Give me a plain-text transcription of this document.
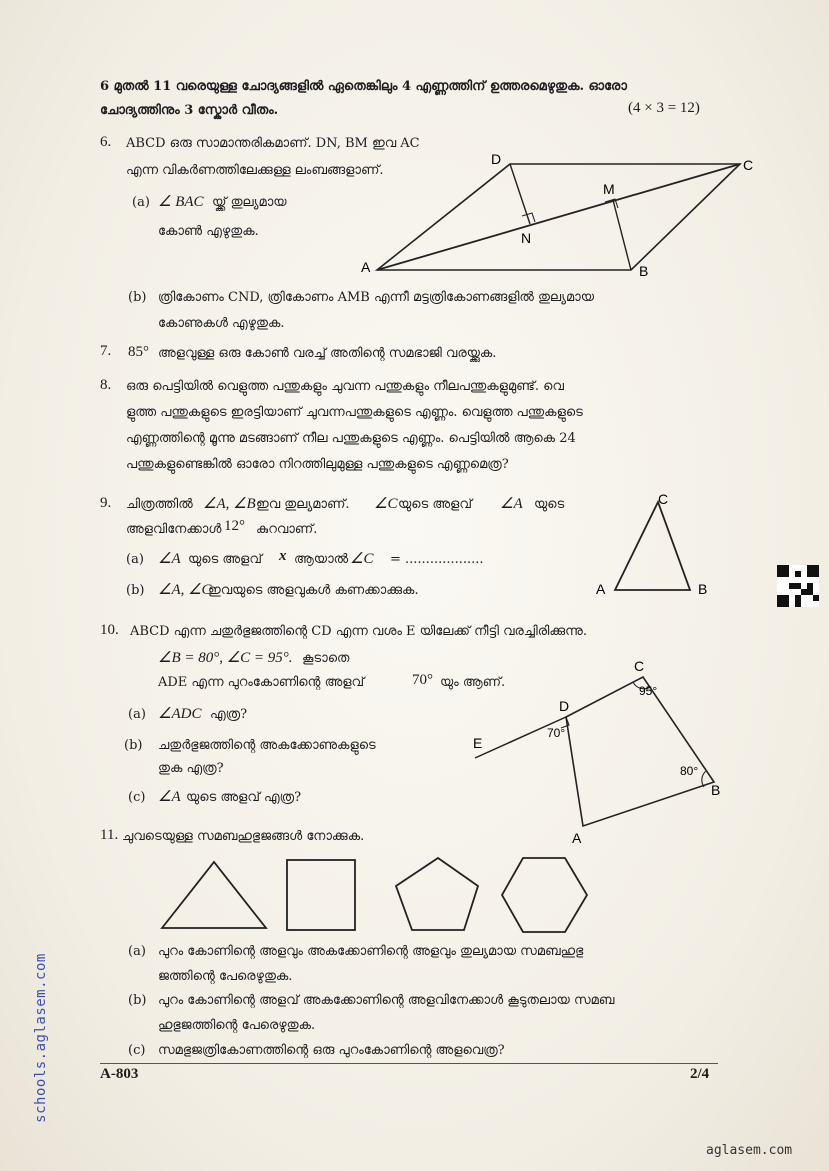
6 മുതൽ 11 വരെയുള്ള ചോദ്യങ്ങളിൽ ഏതെങ്കിലും 4 എണ്ണത്തിന് ഉത്തരമെഴുതുക. ഓരോ
ചോദ്യത്തിനും 3 സ്കോർ വീതം.	(4 × 3 = 12)
6. ABCD ഒരു സാമാന്തരികമാണ്. DN, BM ഇവ AC
എന്ന വികർണത്തിലേക്കുള്ള ലംബങ്ങളാണ്.
(a) ∠ BAC യ്ക്ക് തുല്യമായ
കോൺ എഴുതുക.
D	C
M
N
A	B
(b) ത്രികോണം CND, ത്രികോണം AMB എന്നീ മട്ടത്രികോണങ്ങളിൽ തുല്യമായ
കോണുകൾ എഴുതുക.
7. 85° അളവുള്ള ഒരു കോൺ വരച്ച് അതിന്റെ സമഭാജി വരയ്ക്കുക.
8. ഒരു പെട്ടിയിൽ വെളുത്ത പന്തുകളും ചുവന്ന പന്തുകളും നീലപന്തുകളുമുണ്ട്. വെ
ളുത്ത പന്തുകളുടെ ഇരട്ടിയാണ് ചുവന്നപന്തുകളുടെ എണ്ണം. വെളുത്ത പന്തുകളുടെ
എണ്ണത്തിന്റെ മൂന്നു മടങ്ങാണ് നീല പന്തുകളുടെ എണ്ണം. പെട്ടിയിൽ ആകെ 24
പന്തുകളുണ്ടെങ്കിൽ ഓരോ നിറത്തിലുമുള്ള പന്തുകളുടെ എണ്ണമെത്ര?
9. ചിത്രത്തിൽ ∠A, ∠B ഇവ തുല്യമാണ്. ∠C യുടെ അളവ് ∠A യുടെ
അളവിനേക്കാൾ 12° കുറവാണ്.
(a) ∠A യുടെ അളവ് x ആയാൽ ∠C = ...................
(b) ∠A, ∠C
ഇവയുടെ അളവുകൾ കണക്കാക്കുക.
C
A	B
10. ABCD എന്ന ചതുർഭുജത്തിന്റെ CD എന്ന വശം E യിലേക്ക് നീട്ടി വരച്ചിരിക്കുന്നു.
∠B = 80°, ∠C = 95°. കൂടാതെ
ADE എന്ന പുറംകോണിന്റെ അളവ്	70° യും ആണ്.
(a) ∠ADC എത്ര?
(b) ചതുർഭുജത്തിന്റെ അകക്കോണുകളുടെ
തുക എത്ര?
(c) ∠A യുടെ അളവ് എത്ര?
C
95°
D
70°
E
80°
B
A
11. ചുവടെയുള്ള സമബഹുഭുജങ്ങൾ നോക്കുക.
(a) പുറം കോണിന്റെ അളവും അകക്കോണിന്റെ അളവും തുല്യമായ സമബഹുഭു
ജത്തിന്റെ പേരെഴുതുക.
(b) പുറം കോണിന്റെ അളവ് അകക്കോണിന്റെ അളവിനേക്കാൾ കൂടുതലായ സമബ
ഹുഭുജത്തിന്റെ പേരെഴുതുക.
(c) സമഭുജത്രികോണത്തിന്റെ ഒരു പുറംകോണിന്റെ അളവെത്ര?
A-803	2/4
schools.aglasem.com
aglasem.com
